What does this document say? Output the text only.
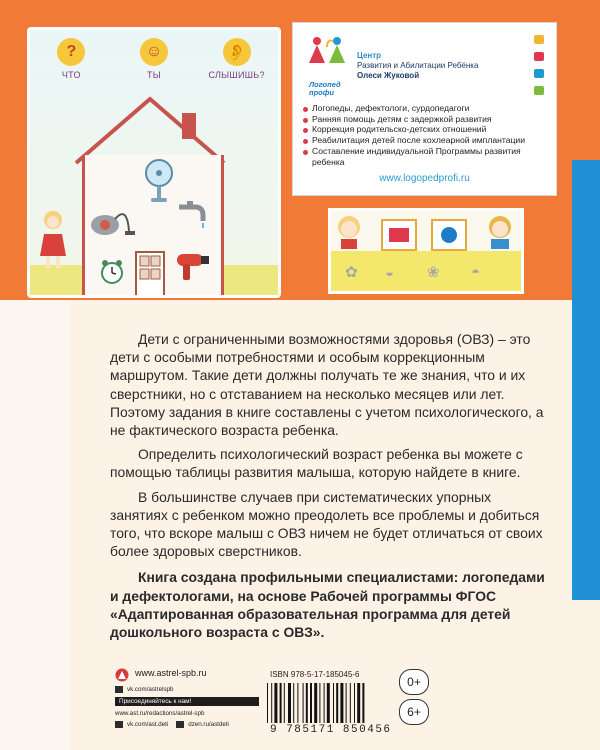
?
ЧТО
☺
ТЫ
👂
СЛЫШИШЬ?
Логопед
профи
Центр
Развития и Абилитации Ребёнка
Олеси Жуковой
Логопеды, дефектологи, сурдопедагоги
Ранняя помощь детям с задержкой развития
Коррекция родительско-детских отношений
Реабилитация детей после кохлеарной имплантации
Составление индивидуальной Программы развития ребенка
www.logopedprofi.ru
✿ ◒ ❀ ◓

Дети с ограниченными возможностями здоровья (ОВЗ) – это дети с особыми потребностями и особым коррекционным маршрутом. Такие дети должны получать те же знания, что и их сверстники, но с отставанием на несколько месяцев или лет. Поэтому задания в книге составлены с учетом психологического, а не фактического возраста ребенка.

Определить психологический возраст ребенка вы можете с помощью таблицы развития малыша, которую найдете в книге.

В большинстве случаев при систематических упорных занятиях с ребенком можно преодолеть все проблемы и добиться того, что вскоре малыш с ОВЗ ничем не будет отличаться от своих более здоровых сверстников.

Книга создана профильными специалистами: логопедами и дефектологами, на основе Рабочей программы ФГОС «Адаптированная образовательная программа для детей дошкольного возраста с ОВЗ».

www.astrel-spb.ru
vk.com/astrelspb
Присоединяйтесь к нам!
www.ast.ru/redactions/astrel-spb
vk.com/ast.deti	dzen.ru/astdeti
ISBN 978-5-17-185045-6
9 785171 850456
0+
6+
